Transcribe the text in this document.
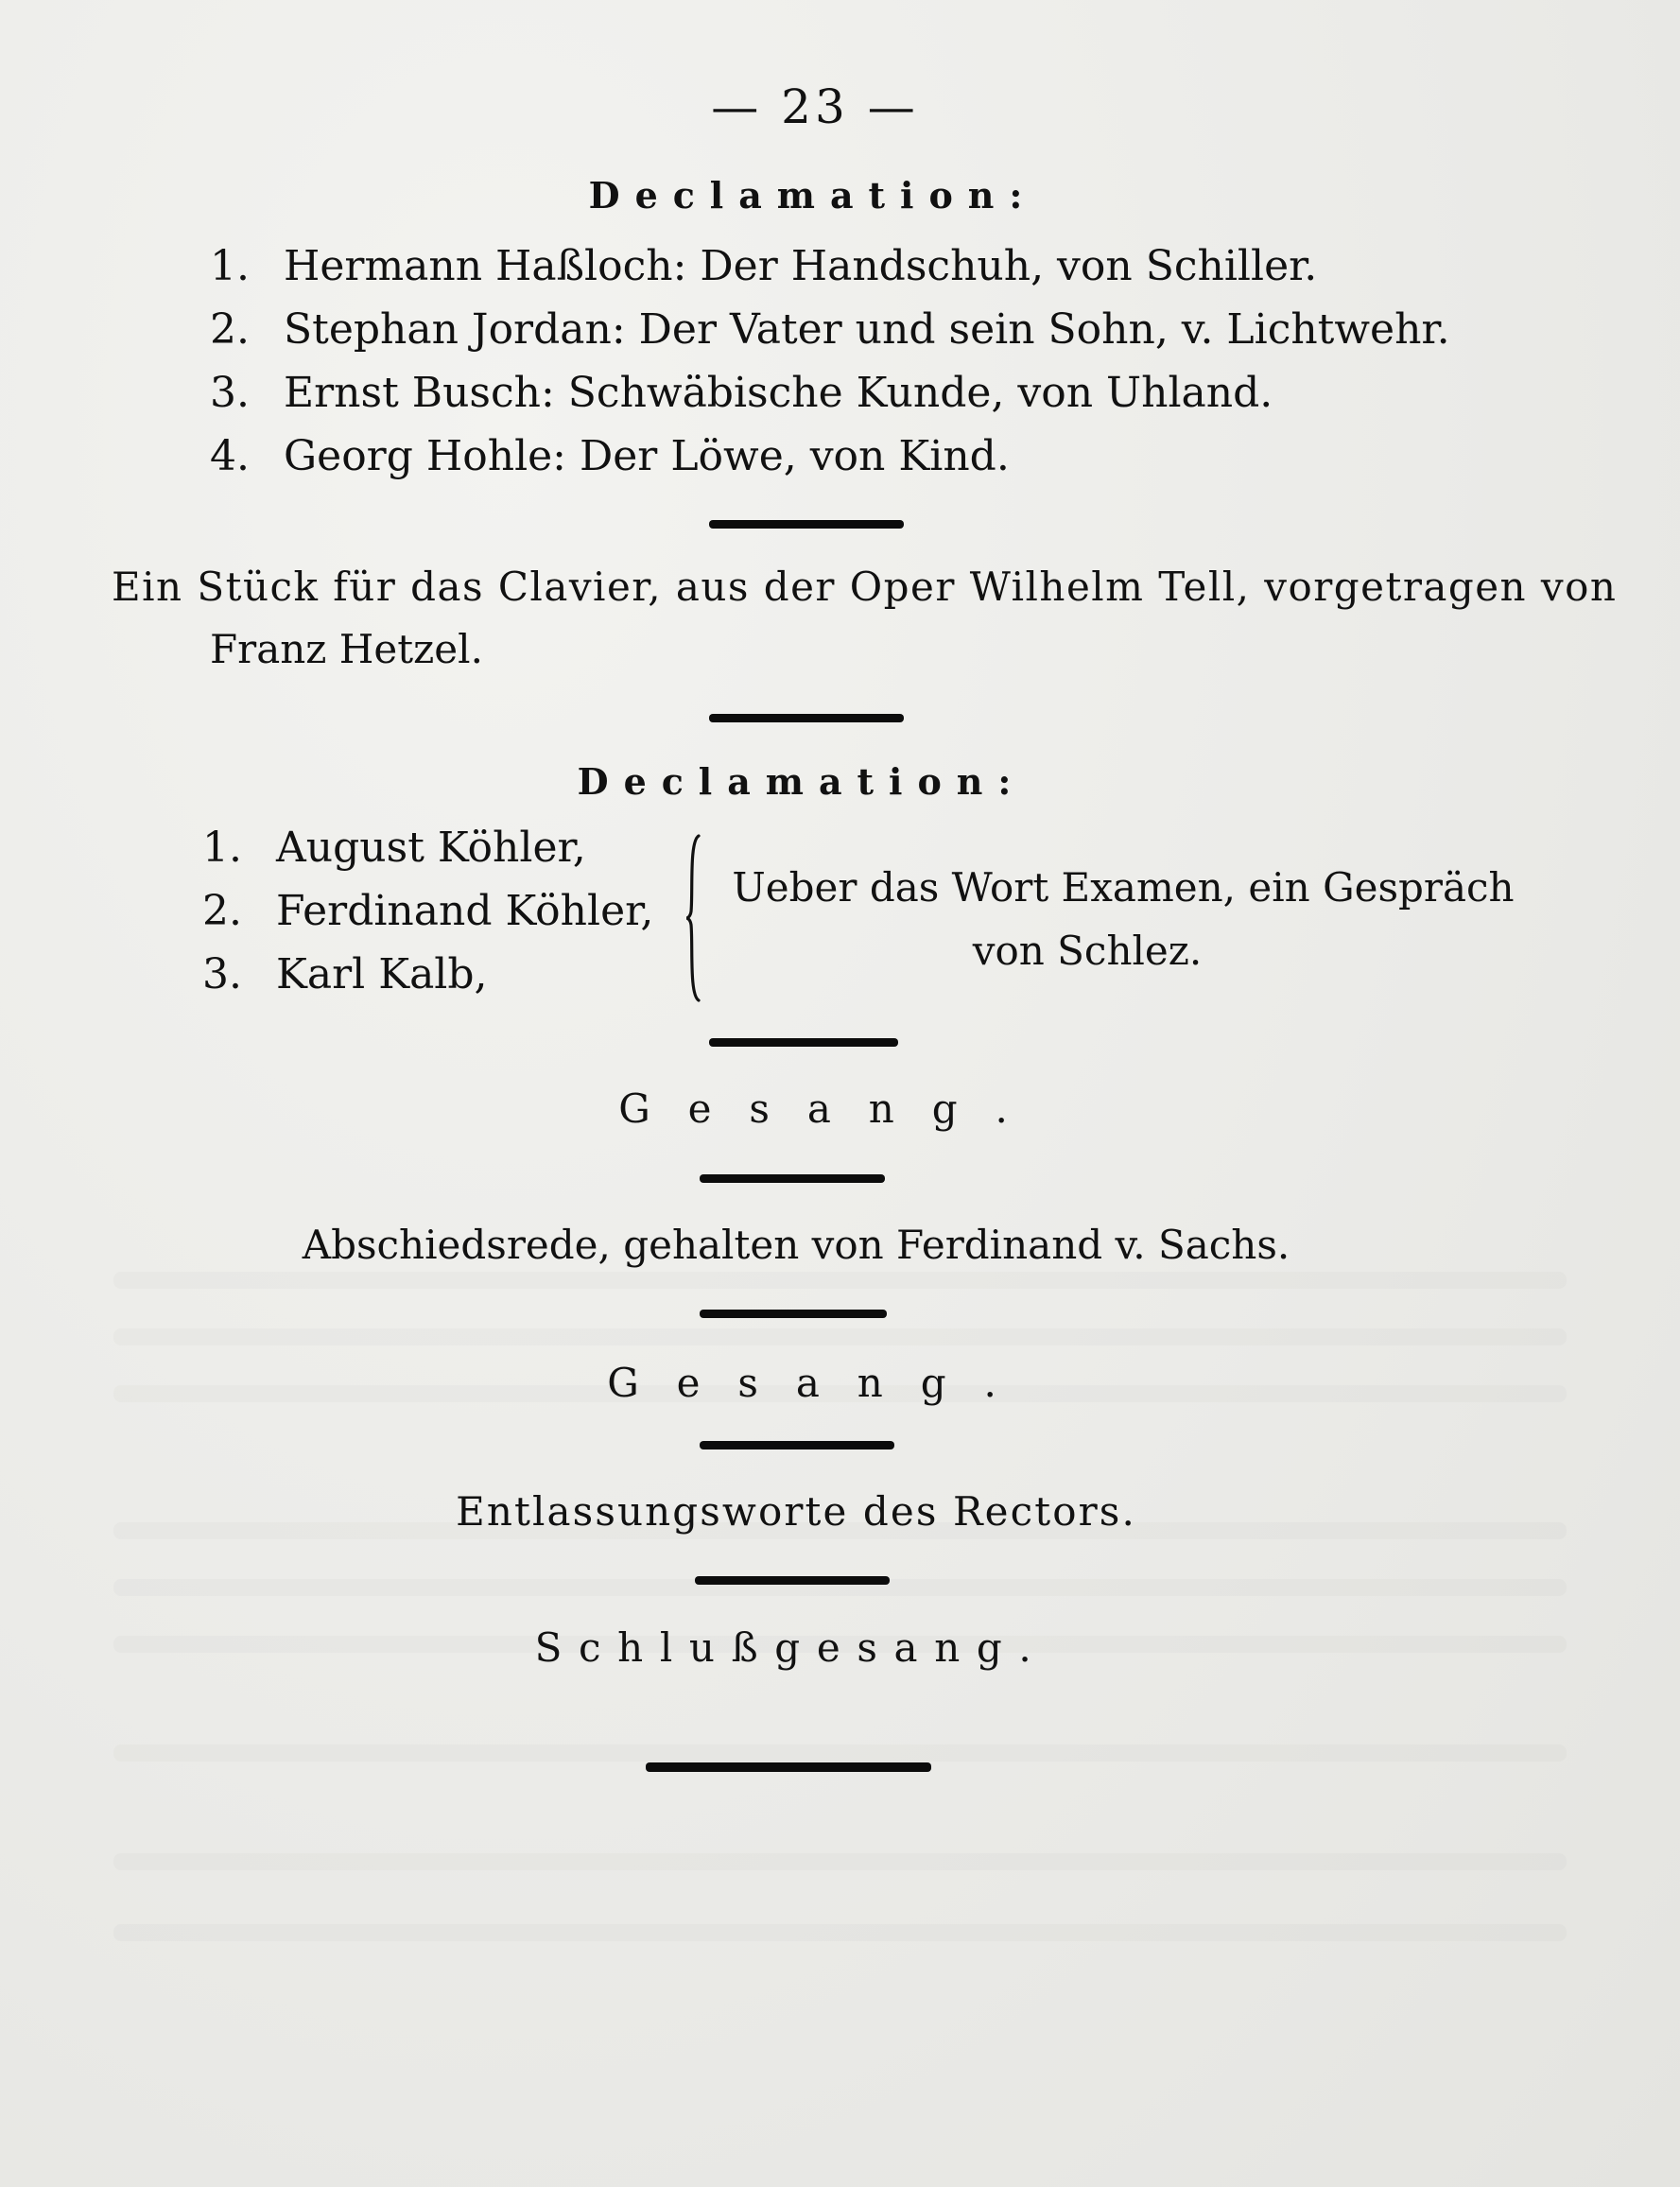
— 23 —
Declamation:
1. Hermann Haßloch: Der Handschuh, von Schiller.
2. Stephan Jordan: Der Vater und sein Sohn, v. Lichtwehr.
3. Ernst Busch: Schwäbische Kunde, von Uhland.
4. Georg Hohle: Der Löwe, von Kind.
Ein Stück für das Clavier, aus der Oper Wilhelm Tell, vorgetragen von
Franz Hetzel.
Declamation:
1. August Köhler,
2. Ferdinand Köhler,
3. Karl Kalb,
Ueber das Wort Examen, ein Gespräch
von Schlez.
Gesang.
Abschiedsrede, gehalten von Ferdinand v. Sachs.
Gesang.
Entlassungsworte des Rectors.
Schlußgesang.
